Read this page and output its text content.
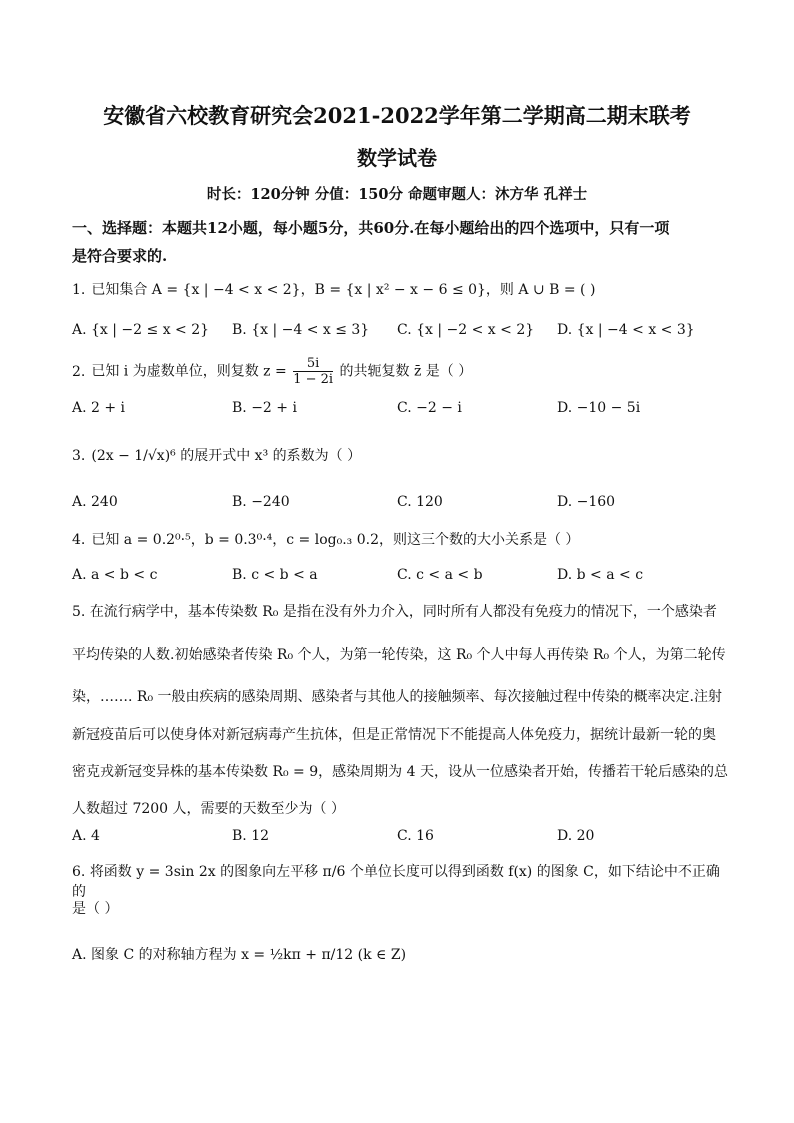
安徽省六校教育研究会2021-2022学年第二学期高二期末联考
数学试卷
时长：120分钟 分值：150分 命题审题人：沐方华 孔祥士
一、选择题：本题共12小题，每小题5分，共60分.在每小题给出的四个选项中，只有一项
是符合要求的.
1. 已知集合 A = {x | −4 < x < 2}，B = {x | x² − x − 6 ≤ 0}，则 A ∪ B = ( )
A. {x | −2 ≤ x < 2} B. {x | −4 < x ≤ 3} C. {x | −2 < x < 2} D. {x | −4 < x < 3}
2. 已知 i 为虚数单位，则复数 $z = \frac{5i}{1 - 2i}$ 的共轭复数 z̄ 是（ ）
A. 2 + i	B. −2 + i	C. −2 − i	D. −10 − 5i
3. (2x − 1/√x)⁶ 的展开式中 x³ 的系数为（ ）
A. 240	B. −240	C. 120	D. −160
4. 已知 a = 0.2⁰·⁵，b = 0.3⁰·⁴，c = log₀.₃ 0.2，则这三个数的大小关系是（ ）
A. a < b < c	B. c < b < a	C. c < a < b	D. b < a < c
5. 在流行病学中，基本传染数 R₀ 是指在没有外力介入，同时所有人都没有免疫力的情况下，一个感染者
平均传染的人数.初始感染者传染 R₀ 个人，为第一轮传染，这 R₀ 个人中每人再传染 R₀ 个人，为第二轮传
染，……. R₀ 一般由疾病的感染周期、感染者与其他人的接触频率、每次接触过程中传染的概率决定.注射
新冠疫苗后可以使身体对新冠病毒产生抗体，但是正常情况下不能提高人体免疫力，据统计最新一轮的奥
密克戎新冠变异株的基本传染数 R₀ = 9，感染周期为 4 天，设从一位感染者开始，传播若干轮后感染的总
人数超过 7200 人，需要的天数至少为（ ）
A. 4	B. 12	C. 16	D. 20
6. 将函数 y = 3sin 2x 的图象向左平移 π/6 个单位长度可以得到函数 f(x) 的图象 C，如下结论中不正确的
是（ ）
A. 图象 C 的对称轴方程为 x = ½kπ + π/12 (k ∈ Z)
